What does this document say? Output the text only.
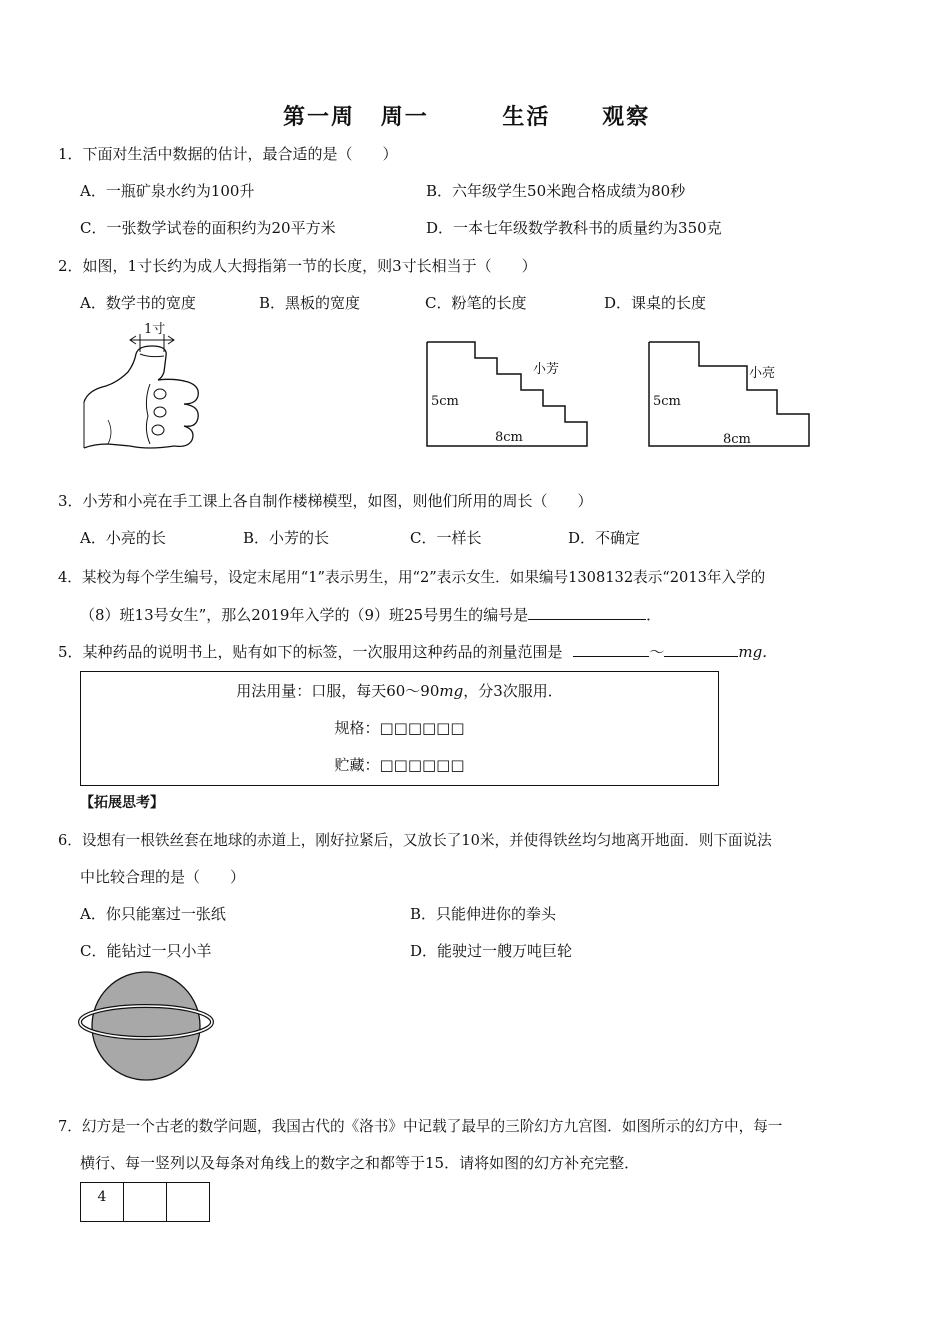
第一周 周一	生活 观察
1．下面对生活中数据的估计，最合适的是（　　）
A．一瓶矿泉水约为100升	B．六年级学生50米跑合格成绩为80秒
C．一张数学试卷的面积约为20平方米	D．一本七年级数学教科书的质量约为350克
2．如图，1寸长约为成人大拇指第一节的长度，则3寸长相当于（　　）
A．数学书的宽度	B．黑板的宽度	C．粉笔的长度	D．课桌的长度
1寸
小芳
5cm
8cm
小亮
5cm
8cm
3．小芳和小亮在手工课上各自制作楼梯模型，如图，则他们所用的周长（　　）
A．小亮的长	B．小芳的长	C．一样长	D．不确定
4．某校为每个学生编号，设定末尾用“1”表示男生，用“2”表示女生．如果编号1308132表示“2013年入学的
（8）班13号女生”，那么2019年入学的（9）班25号男生的编号是	．
5．某种药品的说明书上，贴有如下的标签，一次服用这种药品的剂量范围是	～	mg．
用法用量：口服，每天60～90mg，分3次服用．
规格：□□□□□□
贮藏：□□□□□□
【拓展思考】
6．设想有一根铁丝套在地球的赤道上，刚好拉紧后，又放长了10米，并使得铁丝均匀地离开地面．则下面说法
中比较合理的是（　　）
A．你只能塞过一张纸	B．只能伸进你的拳头
C．能钻过一只小羊	D．能驶过一艘万吨巨轮
7．幻方是一个古老的数学问题，我国古代的《洛书》中记载了最早的三阶幻方九宫图．如图所示的幻方中，每一
横行、每一竖列以及每条对角线上的数字之和都等于15．请将如图的幻方补充完整．
4		
